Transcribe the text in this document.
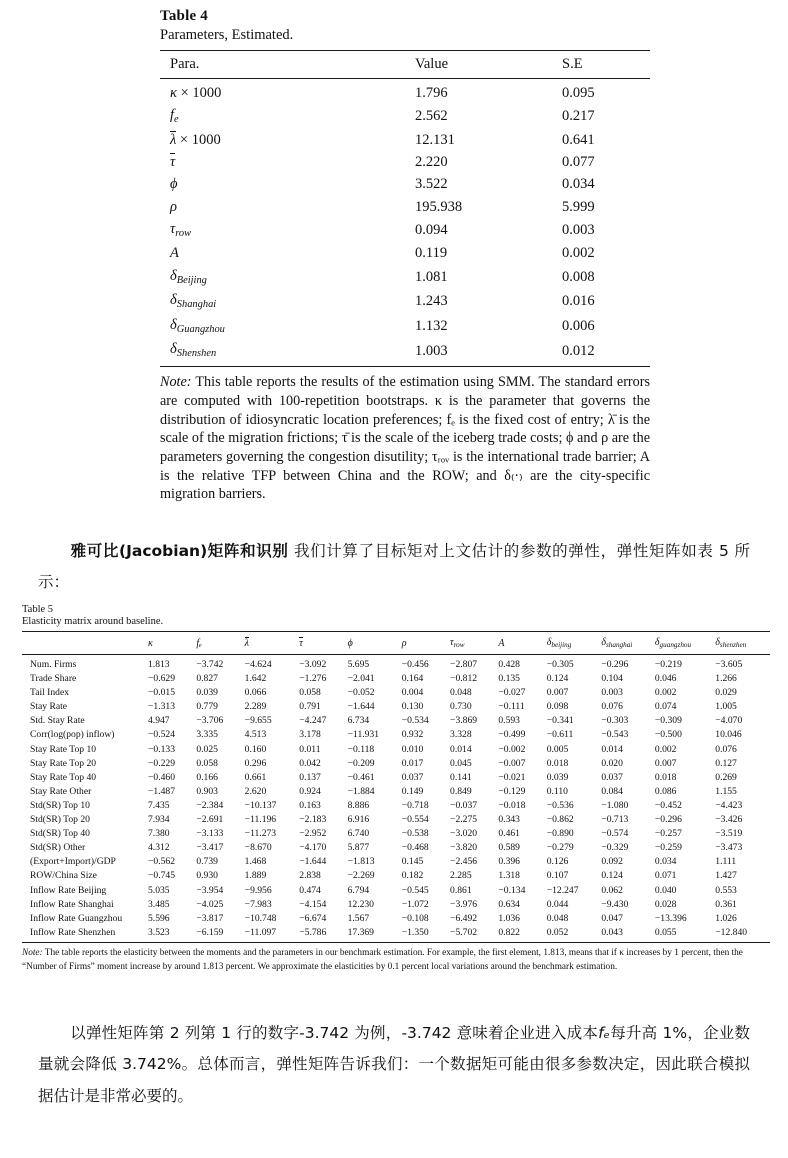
Table 4
Parameters, Estimated.
Para.	Value	S.E
κ × 1000	1.796	0.095
$f_e$	2.562	0.217
λ × 1000	12.131	0.641
τ	2.220	0.077
ϕ	3.522	0.034
ρ	195.938	5.999
$\tau_{row}$	0.094	0.003
A	0.119	0.002
$\delta_{Beijing}$	1.081	0.008
$\delta_{Shanghai}$	1.243	0.016
$\delta_{Guangzhou}$	1.132	0.006
$\delta_{Shenshen}$	1.003	0.012

Note: This table reports the results of the estimation using SMM. The standard errors are computed with 100-repetition bootstraps. κ is the parameter that governs the distribution of idiosyncratic location preferences; fₑ is the fixed cost of entry; λ̄ is the scale of the migration frictions; τ̄ is the scale of the iceberg trade costs; ϕ and ρ are the parameters governing the congestion disutility; τᵣₒᵥ is the international trade barrier; A is the relative TFP between China and the ROW; and δ₍·₎ are the city-specific migration barriers.

雅可比(Jacobian)矩阵和识别 我们计算了目标矩对上文估计的参数的弹性，弹性矩阵如表 5 所示：

Table 5
Elasticity matrix around baseline.
	κ	fₑ	λ	τ	ϕ	ρ	$\tau_{row}$	A	$\delta_{beijing}$	$\delta_{shanghai}$	$\delta_{guangzhou}$	$\delta_{shenzhen}$
Num. Firms	1.813	−3.742	−4.624	−3.092	5.695	−0.456	−2.807	0.428	−0.305	−0.296	−0.219	−3.605
Trade Share	−0.629	0.827	1.642	−1.276	−2.041	0.164	−0.812	0.135	0.124	0.104	0.046	1.266
Tail Index	−0.015	0.039	0.066	0.058	−0.052	0.004	0.048	−0.027	0.007	0.003	0.002	0.029
Stay Rate	−1.313	0.779	2.289	0.791	−1.644	0.130	0.730	−0.111	0.098	0.076	0.074	1.005
Std. Stay Rate	4.947	−3.706	−9.655	−4.247	6.734	−0.534	−3.869	0.593	−0.341	−0.303	−0.309	−4.070
Corr(log(pop) inflow)	−0.524	3.335	4.513	3.178	−11.931	0.932	3.328	−0.499	−0.611	−0.543	−0.500	10.046
Stay Rate Top 10	−0.133	0.025	0.160	0.011	−0.118	0.010	0.014	−0.002	0.005	0.014	0.002	0.076
Stay Rate Top 20	−0.229	0.058	0.296	0.042	−0.209	0.017	0.045	−0.007	0.018	0.020	0.007	0.127
Stay Rate Top 40	−0.460	0.166	0.661	0.137	−0.461	0.037	0.141	−0.021	0.039	0.037	0.018	0.269
Stay Rate Other	−1.487	0.903	2.620	0.924	−1.884	0.149	0.849	−0.129	0.110	0.084	0.086	1.155
Std(SR) Top 10	7.435	−2.384	−10.137	0.163	8.886	−0.718	−0.037	−0.018	−0.536	−1.080	−0.452	−4.423
Std(SR) Top 20	7.934	−2.691	−11.196	−2.183	6.916	−0.554	−2.275	0.343	−0.862	−0.713	−0.296	−3.426
Std(SR) Top 40	7.380	−3.133	−11.273	−2.952	6.740	−0.538	−3.020	0.461	−0.890	−0.574	−0.257	−3.519
Std(SR) Other	4.312	−3.417	−8.670	−4.170	5.877	−0.468	−3.820	0.589	−0.279	−0.329	−0.259	−3.473
(Export+Import)/GDP	−0.562	0.739	1.468	−1.644	−1.813	0.145	−2.456	0.396	0.126	0.092	0.034	1.111
ROW/China Size	−0.745	0.930	1.889	2.838	−2.269	0.182	2.285	1.318	0.107	0.124	0.071	1.427
Inflow Rate Beijing	5.035	−3.954	−9.956	0.474	6.794	−0.545	0.861	−0.134	−12.247	0.062	0.040	0.553
Inflow Rate Shanghai	3.485	−4.025	−7.983	−4.154	12.230	−1.072	−3.976	0.634	0.044	−9.430	0.028	0.361
Inflow Rate Guangzhou	5.596	−3.817	−10.748	−6.674	1.567	−0.108	−6.492	1.036	0.048	0.047	−13.396	1.026
Inflow Rate Shenzhen	3.523	−6.159	−11.097	−5.786	17.369	−1.350	−5.702	0.822	0.052	0.043	0.055	−12.840

Note: The table reports the elasticity between the moments and the parameters in our benchmark estimation. For example, the first element, 1.813, means that if κ increases by 1 percent, then the “Number of Firms” moment increase by around 1.813 percent. We approximate the elasticities by 0.1 percent local variations around the benchmark estimation.

以弹性矩阵第 2 列第 1 行的数字-3.742 为例，-3.742 意味着企业进入成本fₑ每升高 1%，企业数量就会降低 3.742%。总体而言，弹性矩阵告诉我们：一个数据矩可能由很多参数决定，因此联合模拟据估计是非常必要的。
